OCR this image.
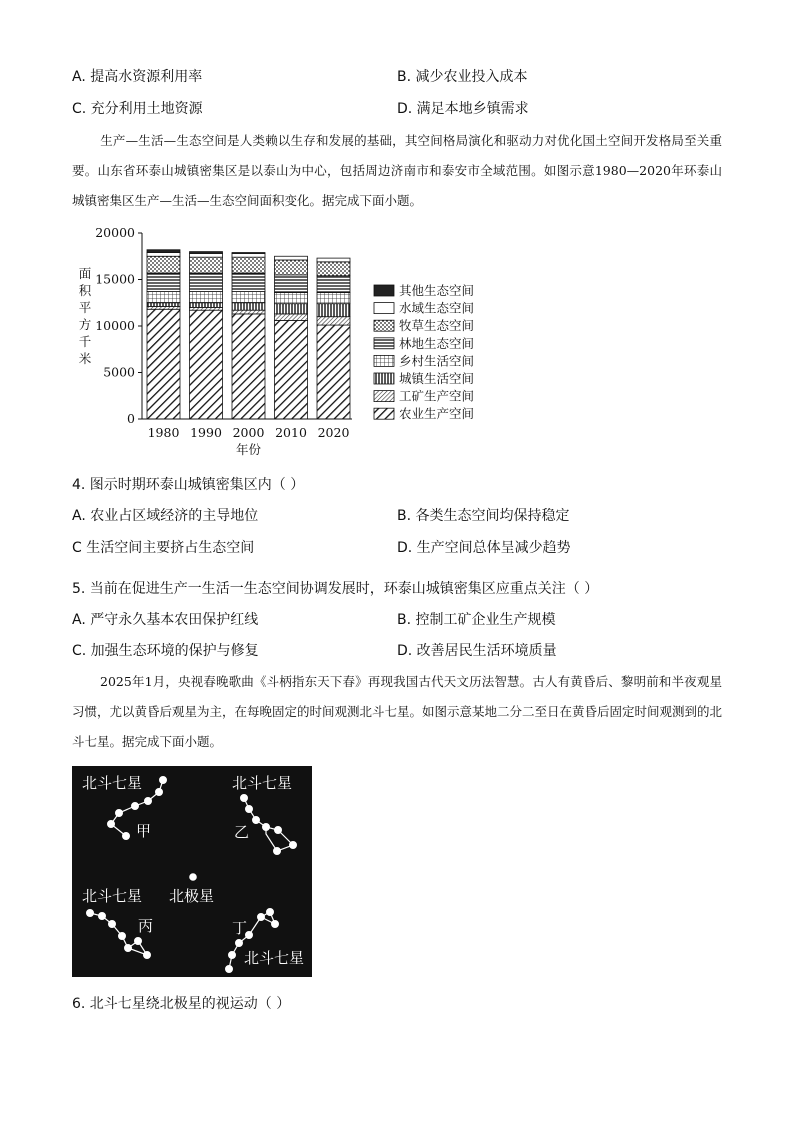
A. 提高水资源利用率	B. 减少农业投入成本
C. 充分利用土地资源	D. 满足本地乡镇需求
生产—生活—生态空间是人类赖以生存和发展的基础，其空间格局演化和驱动力对优化国土空间开发格局至关重要。山东省环泰山城镇密集区是以泰山为中心，包括周边济南市和泰安市全域范围。如图示意1980—2020年环泰山城镇密集区生产—生活—生态空间面积变化。据完成下面小题。
0
5000
10000
15000
20000
1980 1990 2000 2010 2020
其他生态空间
水域生态空间
牧草生态空间
林地生态空间
乡村生活空间
城镇生活空间
工矿生产空间
农业生产空间
年份
面
积
平
方
千
米
4. 图示时期环泰山城镇密集区内（ ）
A. 农业占区域经济的主导地位	B. 各类生态空间均保持稳定
C 生活空间主要挤占生态空间	D. 生产空间总体呈减少趋势
5. 当前在促进生产一生活一生态空间协调发展时，环泰山城镇密集区应重点关注（ ）
A. 严守永久基本农田保护红线	B. 控制工矿企业生产规模
C. 加强生态环境的保护与修复	D. 改善居民生活环境质量
2025年1月，央视春晚歌曲《斗柄指东天下春》再现我国古代天文历法智慧。古人有黄昏后、黎明前和半夜观星习惯，尤以黄昏后观星为主，在每晚固定的时间观测北斗七星。如图示意某地二分二至日在黄昏后固定时间观测到的北斗七星。据完成下面小题。
北斗七星
甲
北斗七星
乙
北斗七星 北极星
丙	丁
北斗七星
6. 北斗七星绕北极星的视运动（ ）
